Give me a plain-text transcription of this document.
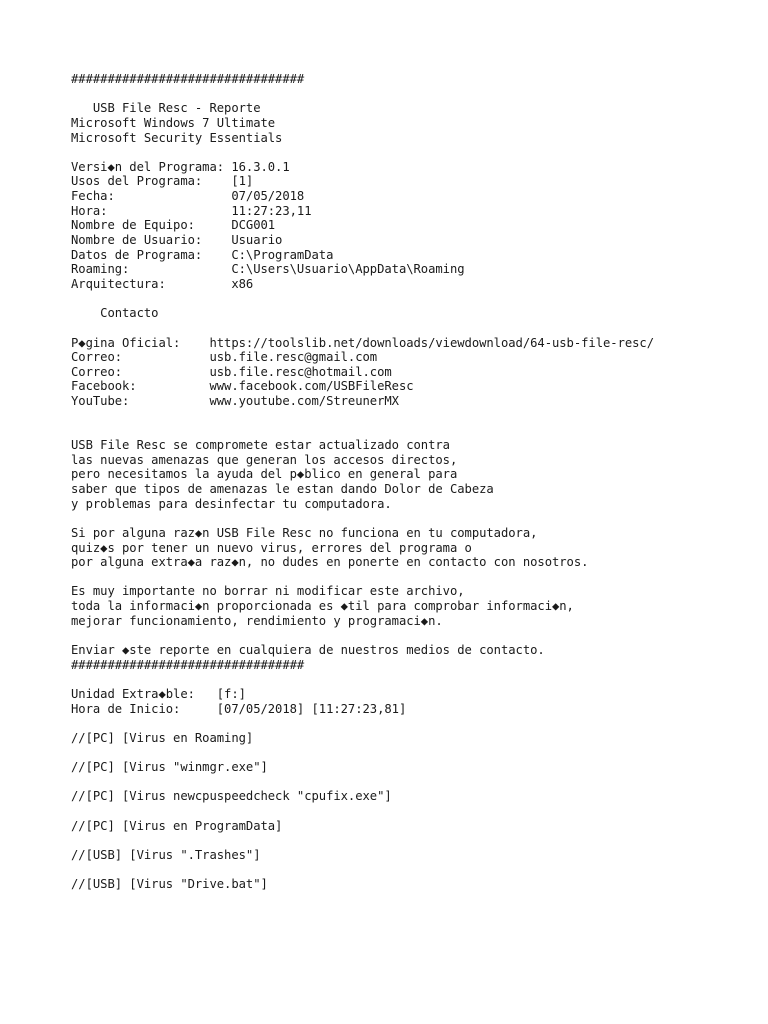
################################
USB File Resc - Reporte
Microsoft Windows 7 Ultimate
Microsoft Security Essentials
Versi◆n del Programa: 16.3.0.1
Usos del Programa:    [1]
Fecha:                07/05/2018
Hora:                 11:27:23,11
Nombre de Equipo:     DCG001
Nombre de Usuario:    Usuario
Datos de Programa:    C:\ProgramData
Roaming:              C:\Users\Usuario\AppData\Roaming
Arquitectura:         x86
Contacto
P◆gina Oficial:    https://toolslib.net/downloads/viewdownload/64-usb-file-resc/
Correo:            usb.file.resc@gmail.com
Correo:            usb.file.resc@hotmail.com
Facebook:          www.facebook.com/USBFileResc
YouTube:           www.youtube.com/StreunerMX
USB File Resc se compromete estar actualizado contra
las nuevas amenazas que generan los accesos directos,
pero necesitamos la ayuda del p◆blico en general para
saber que tipos de amenazas le estan dando Dolor de Cabeza
y problemas para desinfectar tu computadora.
Si por alguna raz◆n USB File Resc no funciona en tu computadora,
quiz◆s por tener un nuevo virus, errores del programa o
por alguna extra◆a raz◆n, no dudes en ponerte en contacto con nosotros.
Es muy importante no borrar ni modificar este archivo,
toda la informaci◆n proporcionada es ◆til para comprobar informaci◆n,
mejorar funcionamiento, rendimiento y programaci◆n.
Enviar ◆ste reporte en cualquiera de nuestros medios de contacto.
################################
Unidad Extra◆ble:   [f:]
Hora de Inicio:     [07/05/2018] [11:27:23,81]
//[PC] [Virus en Roaming]
//[PC] [Virus "winmgr.exe"]
//[PC] [Virus newcpuspeedcheck "cpufix.exe"]
//[PC] [Virus en ProgramData]
//[USB] [Virus ".Trashes"]
//[USB] [Virus "Drive.bat"]
